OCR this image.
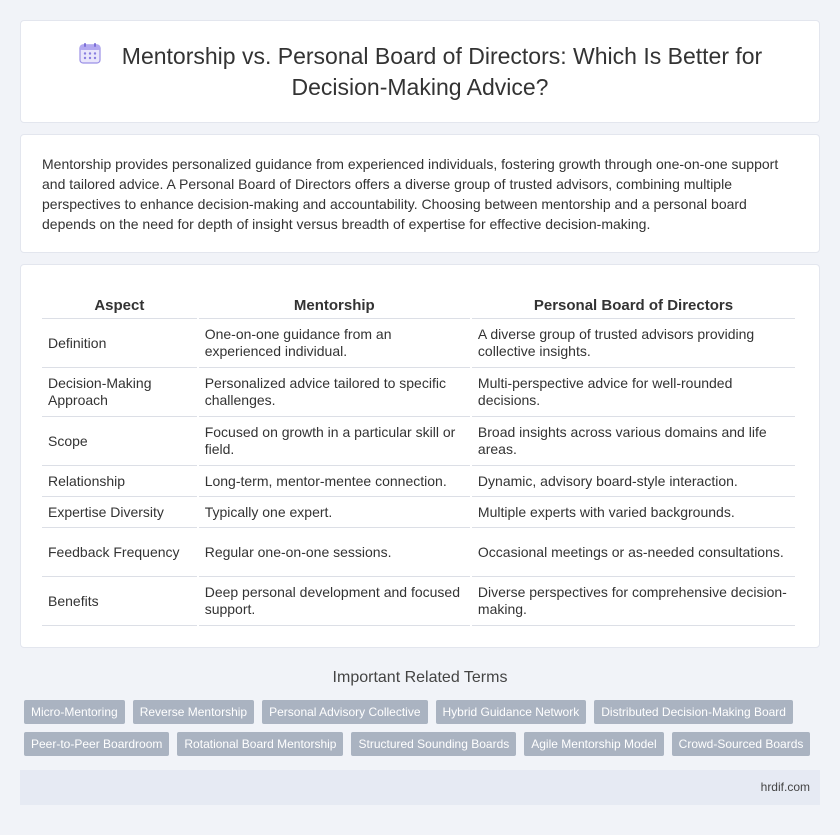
Mentorship vs. Personal Board of Directors: Which Is Better for Decision-Making Advice?

Mentorship provides personalized guidance from experienced individuals, fostering growth through one-on-one support and tailored advice. A Personal Board of Directors offers a diverse group of trusted advisors, combining multiple perspectives to enhance decision-making and accountability. Choosing between mentorship and a personal board depends on the need for depth of insight versus breadth of expertise for effective decision-making.

Aspect	Mentorship	Personal Board of Directors
Definition	One-on-one guidance from an experienced individual.	A diverse group of trusted advisors providing collective insights.
Decision-Making Approach	Personalized advice tailored to specific challenges.	Multi-perspective advice for well-rounded decisions.
Scope	Focused on growth in a particular skill or field.	Broad insights across various domains and life areas.
Relationship	Long-term, mentor-mentee connection.	Dynamic, advisory board-style interaction.
Expertise Diversity	Typically one expert.	Multiple experts with varied backgrounds.
Feedback Frequency	Regular one-on-one sessions.	Occasional meetings or as-needed consultations.
Benefits	Deep personal development and focused support.	Diverse perspectives for comprehensive decision-making.
Important Related Terms
Micro-Mentoring	Reverse Mentorship	Personal Advisory Collective	Hybrid Guidance Network	Distributed Decision-Making Board
Peer-to-Peer Boardroom	Rotational Board Mentorship	Structured Sounding Boards	Agile Mentorship Model	Crowd-Sourced Boards
hrdif.com
